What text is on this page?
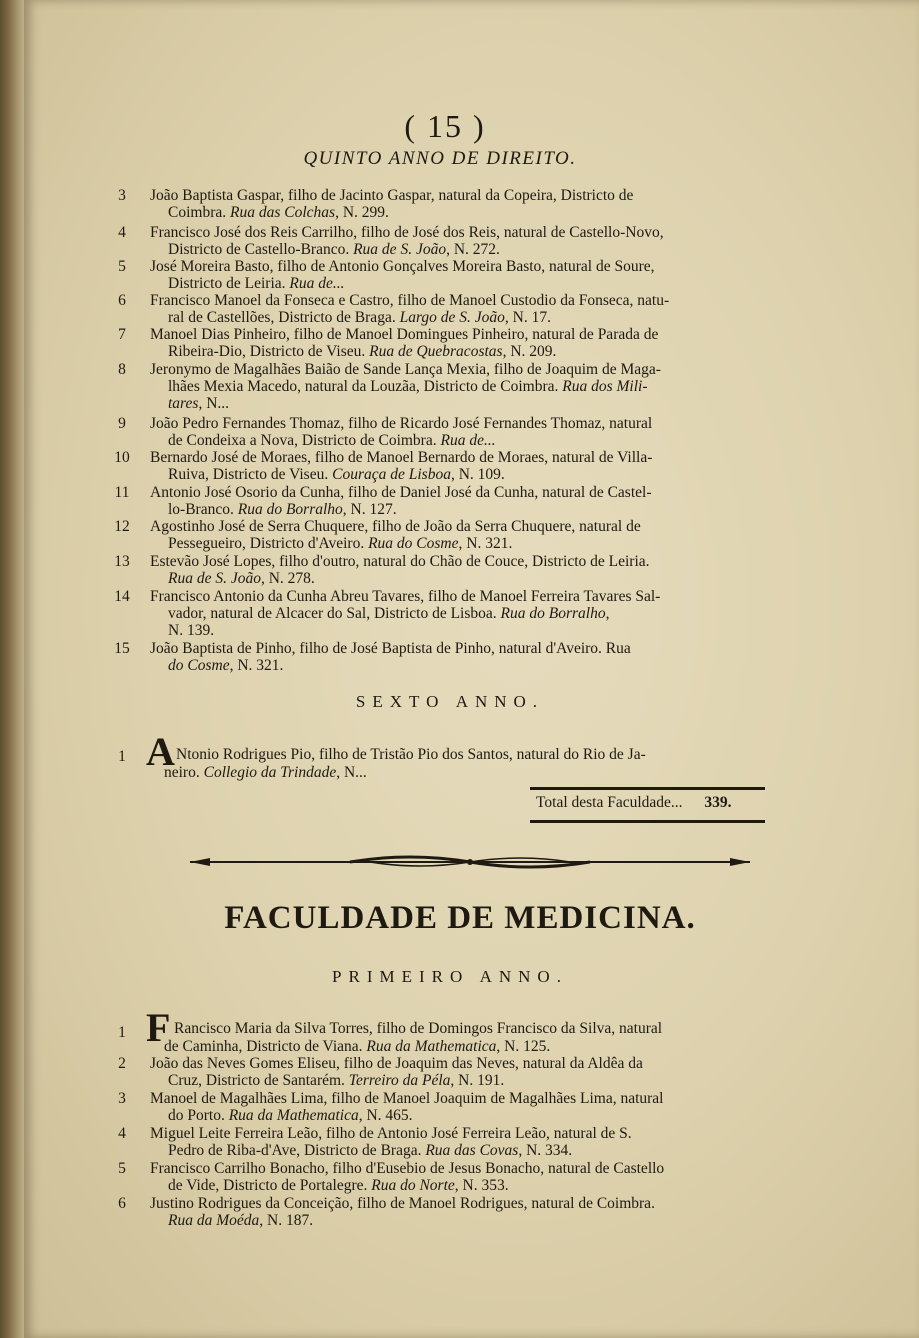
( 15 )
QUINTO ANNO DE DIREITO.
3	João Baptista Gaspar, filho de Jacinto Gaspar, natural da Copeira, Districto de
Coimbra. Rua das Colchas, N. 299.
4	Francisco José dos Reis Carrilho, filho de José dos Reis, natural de Castello-Novo,
Districto de Castello-Branco. Rua de S. João, N. 272.
5	José Moreira Basto, filho de Antonio Gonçalves Moreira Basto, natural de Soure,
Districto de Leiria. Rua de...
6	Francisco Manoel da Fonseca e Castro, filho de Manoel Custodio da Fonseca, natu-
ral de Castellões, Districto de Braga. Largo de S. João, N. 17.
7	Manoel Dias Pinheiro, filho de Manoel Domingues Pinheiro, natural de Parada de
Ribeira-Dio, Districto de Viseu. Rua de Quebracostas, N. 209.
8	Jeronymo de Magalhães Baião de Sande Lança Mexia, filho de Joaquim de Maga-
lhães Mexia Macedo, natural da Louzãa, Districto de Coimbra. Rua dos Mili-
tares, N...
9	João Pedro Fernandes Thomaz, filho de Ricardo José Fernandes Thomaz, natural
de Condeixa a Nova, Districto de Coimbra. Rua de...
10	Bernardo José de Moraes, filho de Manoel Bernardo de Moraes, natural de Villa-
Ruiva, Districto de Viseu. Couraça de Lisboa, N. 109.
11	Antonio José Osorio da Cunha, filho de Daniel José da Cunha, natural de Castel-
lo-Branco. Rua do Borralho, N. 127.
12	Agostinho José de Serra Chuquere, filho de João da Serra Chuquere, natural de
Pessegueiro, Districto d'Aveiro. Rua do Cosme, N. 321.
13	Estevão José Lopes, filho d'outro, natural do Chão de Couce, Districto de Leiria.
Rua de S. João, N. 278.
14	Francisco Antonio da Cunha Abreu Tavares, filho de Manoel Ferreira Tavares Sal-
vador, natural de Alcacer do Sal, Districto de Lisboa. Rua do Borralho,
N. 139.
15	João Baptista de Pinho, filho de José Baptista de Pinho, natural d'Aveiro. Rua
do Cosme, N. 321.
SEXTO ANNO.
1 A Ntonio Rodrigues Pio, filho de Tristão Pio dos Santos, natural do Rio de Ja-
neiro. Collegio da Trindade, N...
Total desta Faculdade... 339.
FACULDADE DE MEDICINA.
PRIMEIRO ANNO.
1 F Rancisco Maria da Silva Torres, filho de Domingos Francisco da Silva, natural
de Caminha, Districto de Viana. Rua da Mathematica, N. 125.
2	João das Neves Gomes Eliseu, filho de Joaquim das Neves, natural da Aldêa da
Cruz, Districto de Santarém. Terreiro da Péla, N. 191.
3	Manoel de Magalhães Lima, filho de Manoel Joaquim de Magalhães Lima, natural
do Porto. Rua da Mathematica, N. 465.
4	Miguel Leite Ferreira Leão, filho de Antonio José Ferreira Leão, natural de S.
Pedro de Riba-d'Ave, Districto de Braga. Rua das Covas, N. 334.
5	Francisco Carrilho Bonacho, filho d'Eusebio de Jesus Bonacho, natural de Castello
de Vide, Districto de Portalegre. Rua do Norte, N. 353.
6	Justino Rodrigues da Conceição, filho de Manoel Rodrigues, natural de Coimbra.
Rua da Moéda, N. 187.
